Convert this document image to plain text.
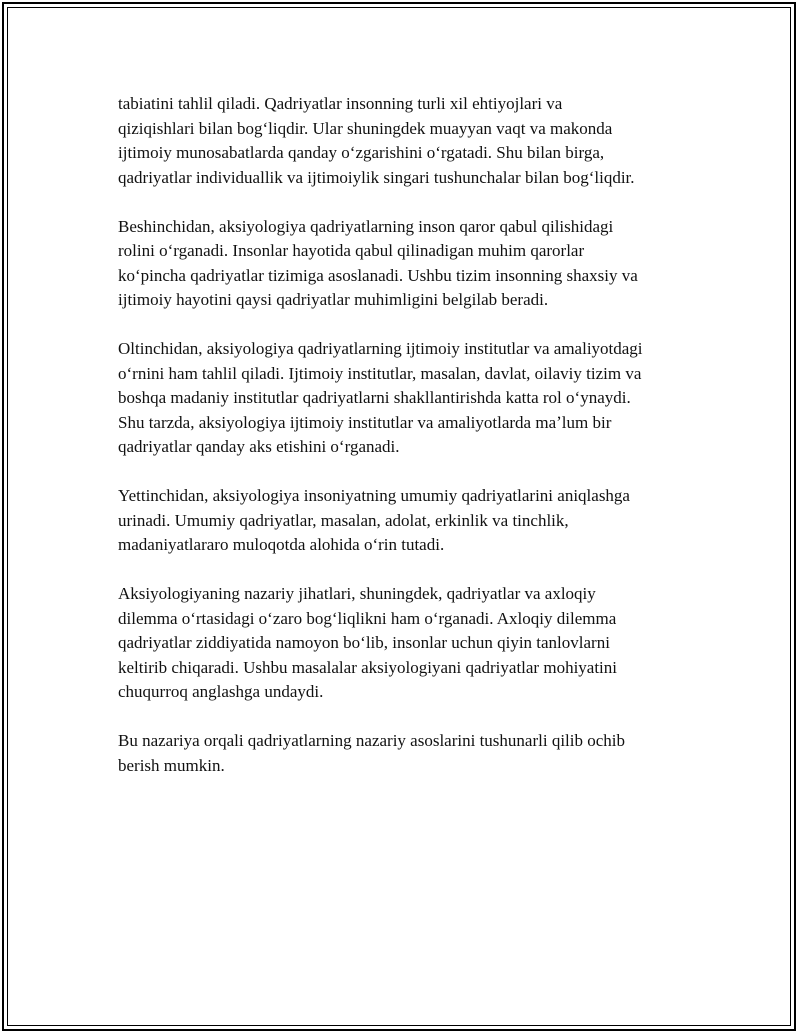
tabiatini tahlil qiladi. Qadriyatlar insonning turli xil ehtiyojlari va
qiziqishlari bilan bogʻliqdir. Ular shuningdek muayyan vaqt va makonda
ijtimoiy munosabatlarda qanday oʻzgarishini oʻrgatadi. Shu bilan birga,
qadriyatlar individuallik va ijtimoiylik singari tushunchalar bilan bogʻliqdir.

Beshinchidan, aksiyologiya qadriyatlarning inson qaror qabul qilishidagi
rolini oʻrganadi. Insonlar hayotida qabul qilinadigan muhim qarorlar
koʻpincha qadriyatlar tizimiga asoslanadi. Ushbu tizim insonning shaxsiy va
ijtimoiy hayotini qaysi qadriyatlar muhimligini belgilab beradi.

Oltinchidan, aksiyologiya qadriyatlarning ijtimoiy institutlar va amaliyotdagi
oʻrnini ham tahlil qiladi. Ijtimoiy institutlar, masalan, davlat, oilaviy tizim va
boshqa madaniy institutlar qadriyatlarni shakllantirishda katta rol oʻynaydi.
Shu tarzda, aksiyologiya ijtimoiy institutlar va amaliyotlarda maʼlum bir
qadriyatlar qanday aks etishini oʻrganadi.

Yettinchidan, aksiyologiya insoniyatning umumiy qadriyatlarini aniqlashga
urinadi. Umumiy qadriyatlar, masalan, adolat, erkinlik va tinchlik,
madaniyatlararo muloqotda alohida oʻrin tutadi.

Aksiyologiyaning nazariy jihatlari, shuningdek, qadriyatlar va axloqiy
dilemma oʻrtasidagi oʻzaro bogʻliqlikni ham oʻrganadi. Axloqiy dilemma
qadriyatlar ziddiyatida namoyon boʻlib, insonlar uchun qiyin tanlovlarni
keltirib chiqaradi. Ushbu masalalar aksiyologiyani qadriyatlar mohiyatini
chuqurroq anglashga undaydi.

Bu nazariya orqali qadriyatlarning nazariy asoslarini tushunarli qilib ochib
berish mumkin.
